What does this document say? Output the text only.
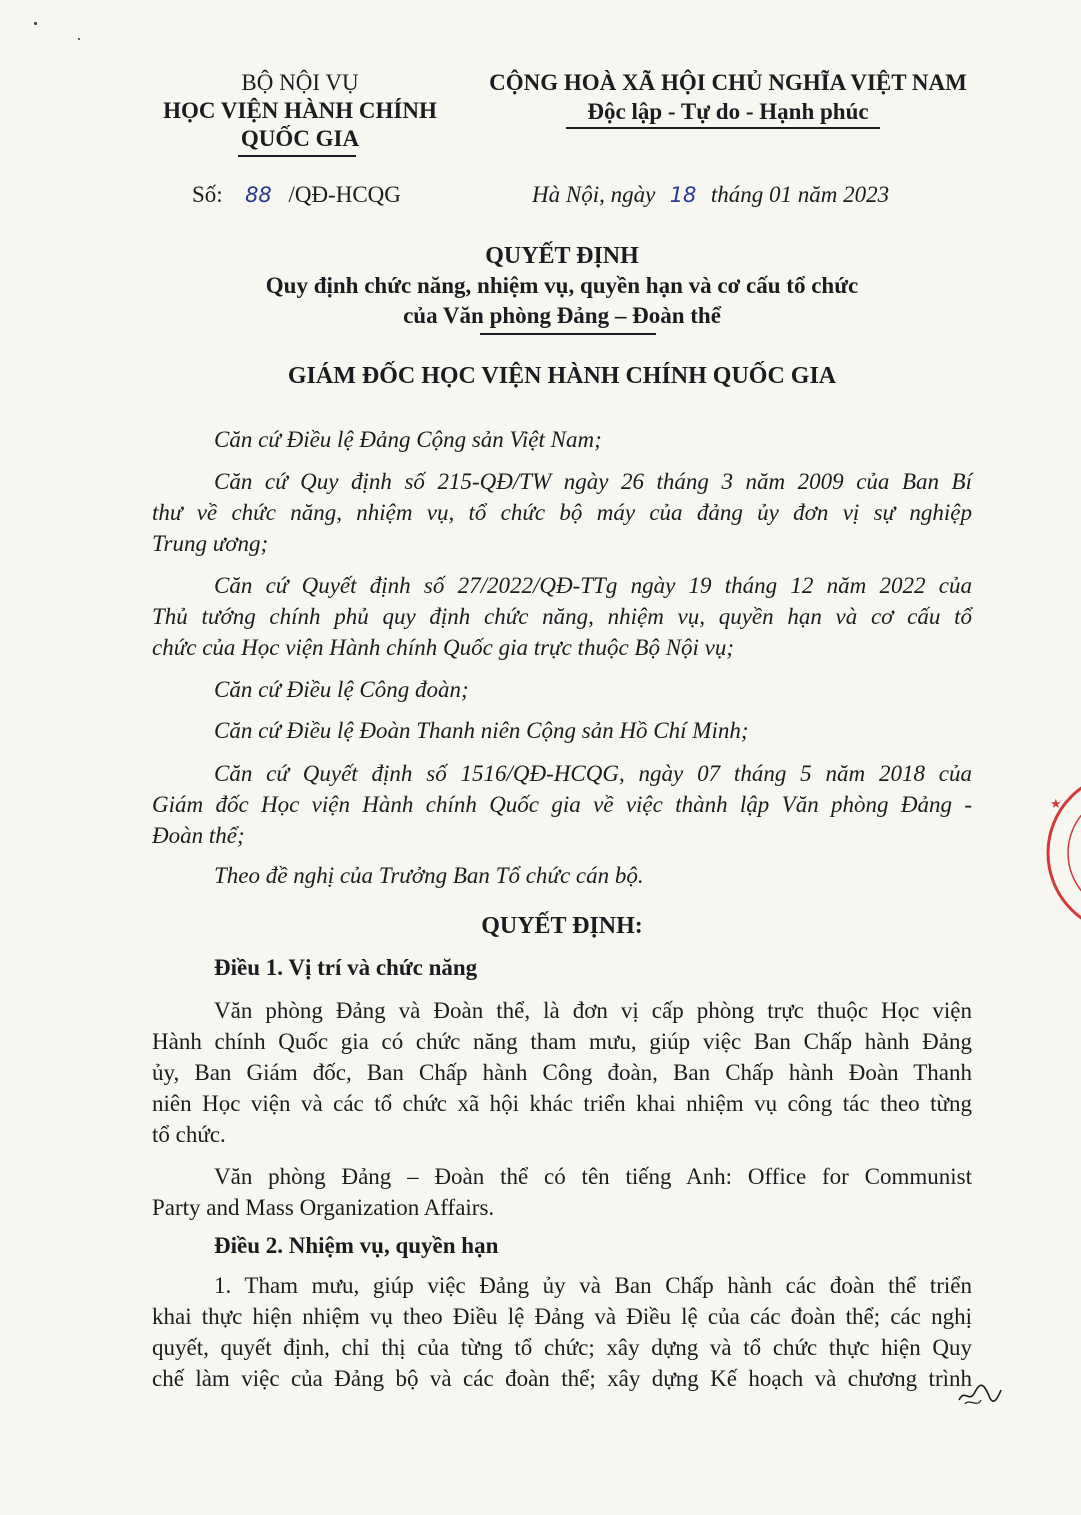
BỘ NỘI VỤ
HỌC VIỆN HÀNH CHÍNH
QUỐC GIA
Số: 88 /QĐ-HCQG
CỘNG HOÀ XÃ HỘI CHỦ NGHĨA VIỆT NAM
Độc lập - Tự do - Hạnh phúc
Hà Nội, ngày 18 tháng 01 năm 2023
QUYẾT ĐỊNH
Quy định chức năng, nhiệm vụ, quyền hạn và cơ cấu tổ chức
của Văn phòng Đảng – Đoàn thể
GIÁM ĐỐC HỌC VIỆN HÀNH CHÍNH QUỐC GIA
Căn cứ Điều lệ Đảng Cộng sản Việt Nam;
Căn cứ Quy định số 215-QĐ/TW ngày 26 tháng 3 năm 2009 của Ban Bí
thư về chức năng, nhiệm vụ, tổ chức bộ máy của đảng ủy đơn vị sự nghiệp
Trung ương;
Căn cứ Quyết định số 27/2022/QĐ-TTg ngày 19 tháng 12 năm 2022 của
Thủ tướng chính phủ quy định chức năng, nhiệm vụ, quyền hạn và cơ cấu tổ
chức của Học viện Hành chính Quốc gia trực thuộc Bộ Nội vụ;
Căn cứ Điều lệ Công đoàn;
Căn cứ Điều lệ Đoàn Thanh niên Cộng sản Hồ Chí Minh;
Căn cứ Quyết định số 1516/QĐ-HCQG, ngày 07 tháng 5 năm 2018 của
Giám đốc Học viện Hành chính Quốc gia về việc thành lập Văn phòng Đảng -
Đoàn thể;
Theo đề nghị của Trưởng Ban Tổ chức cán bộ.
QUYẾT ĐỊNH:
Điều 1. Vị trí và chức năng
Văn phòng Đảng và Đoàn thể, là đơn vị cấp phòng trực thuộc Học viện
Hành chính Quốc gia có chức năng tham mưu, giúp việc Ban Chấp hành Đảng
ủy, Ban Giám đốc, Ban Chấp hành Công đoàn, Ban Chấp hành Đoàn Thanh
niên Học viện và các tổ chức xã hội khác triển khai nhiệm vụ công tác theo từng
tổ chức.
Văn phòng Đảng – Đoàn thể có tên tiếng Anh: Office for Communist
Party and Mass Organization Affairs.
Điều 2. Nhiệm vụ, quyền hạn
1. Tham mưu, giúp việc Đảng ủy và Ban Chấp hành các đoàn thể triển
khai thực hiện nhiệm vụ theo Điều lệ Đảng và Điều lệ của các đoàn thể; các nghị
quyết, quyết định, chỉ thị của từng tổ chức; xây dựng và tổ chức thực hiện Quy
chế làm việc của Đảng bộ và các đoàn thể; xây dựng Kế hoạch và chương trình
★
